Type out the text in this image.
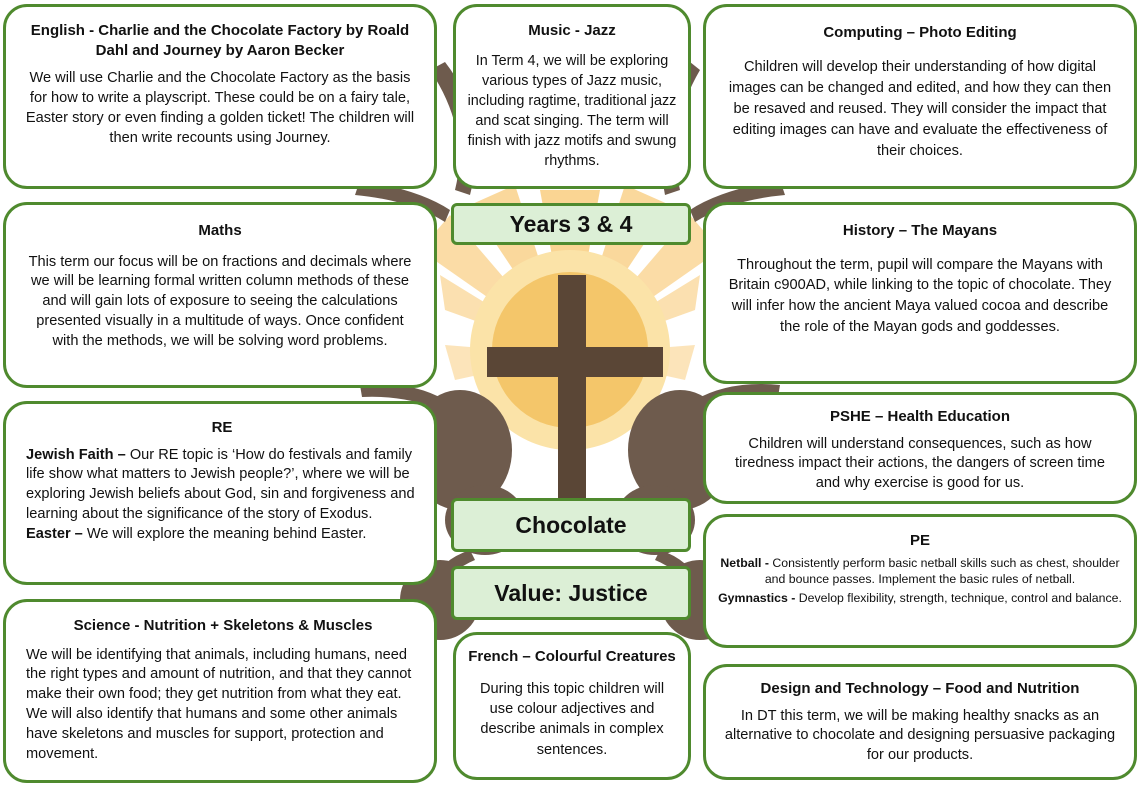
English - Charlie and the Chocolate Factory by Roald Dahl and Journey by Aaron Becker

We will use Charlie and the Chocolate Factory as the basis for how to write a playscript. These could be on a fairy tale, Easter story or even finding a golden ticket! The children will then write recounts using Journey.

Music - Jazz

In Term 4, we will be exploring various types of Jazz music, including ragtime, traditional jazz and scat singing. The term will finish with jazz motifs and swung rhythms.

Computing – Photo Editing

Children will develop their understanding of how digital images can be changed and edited, and how they can then be resaved and reused. They will consider the impact that editing images can have and evaluate the effectiveness of their choices.

Years 3 & 4
Maths

This term our focus will be on fractions and decimals where we will be learning formal written column methods of these and will gain lots of exposure to seeing the calculations presented visually in a multitude of ways. Once confident with the methods, we will be solving word problems.

History – The Mayans

Throughout the term, pupil will compare the Mayans with Britain c900AD, while linking to the topic of chocolate. They will infer how the ancient Maya valued cocoa and describe the role of the Mayan gods and goddesses.

RE

Jewish Faith – Our RE topic is ‘How do festivals and family life show what matters to Jewish people?’, where we will be exploring Jewish beliefs about God, sin and forgiveness and learning about the significance of the story of Exodus.
Easter – We will explore the meaning behind Easter.

PSHE – Health Education

Children will understand consequences, such as how tiredness impact their actions, the dangers of screen time and why exercise is good for us.

Chocolate
PE

Netball - Consistently perform basic netball skills such as chest, shoulder and bounce passes. Implement the basic rules of netball.

Gymnastics - Develop flexibility, strength, technique, control and balance.

Value: Justice
Science - Nutrition + Skeletons & Muscles

We will be identifying that animals, including humans, need the right types and amount of nutrition, and that they cannot make their own food; they get nutrition from what they eat. We will also identify that humans and some other animals have skeletons and muscles for support, protection and movement.

French – Colourful Creatures

During this topic children will use colour adjectives and describe animals in complex sentences.

Design and Technology – Food and Nutrition

In DT this term, we will be making healthy snacks as an alternative to chocolate and designing persuasive packaging for our products.
